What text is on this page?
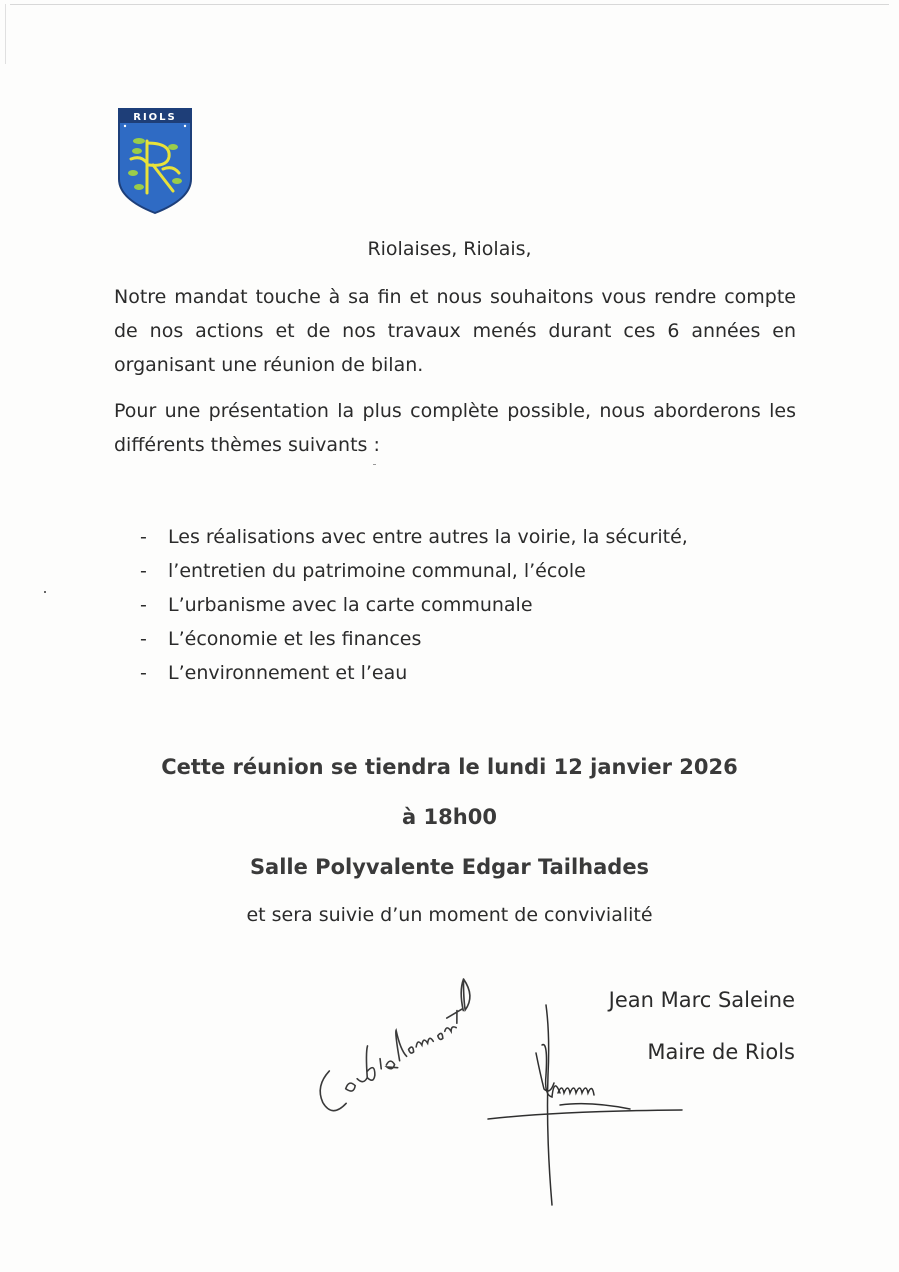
RIOLS
Riolaises, Riolais,

Notre mandat touche à sa fin et nous souhaitons vous rendre compte de nos actions et de nos travaux menés durant ces 6 années en organisant une réunion de bilan.

Pour une présentation la plus complète possible, nous aborderons les différents thèmes suivants :

- Les réalisations avec entre autres la voirie, la sécurité,
- l’entretien du patrimoine communal, l’école
- L’urbanisme avec la carte communale
- L’économie et les finances
- L’environnement et l’eau
Cette réunion se tiendra le lundi 12 janvier 2026
à 18h00
Salle Polyvalente Edgar Tailhades
et sera suivie d’un moment de convivialité
Jean Marc Saleine
Maire de Riols
